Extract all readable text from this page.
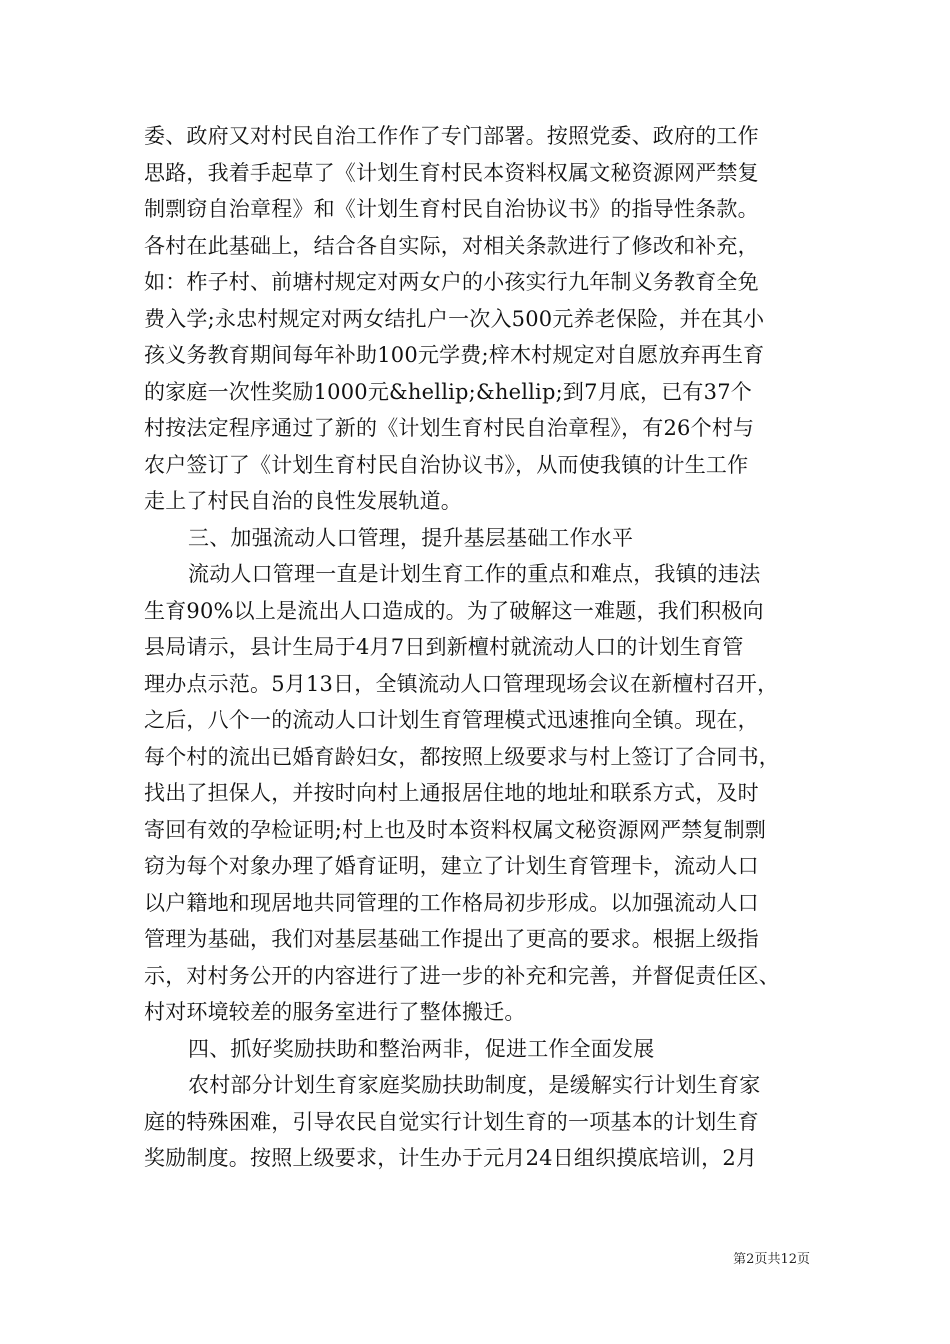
委、政府又对村民自治工作作了专门部署。按照党委、政府的工作
思路，我着手起草了《计划生育村民本资料权属文秘资源网严禁复
制剽窃自治章程》和《计划生育村民自治协议书》的指导性条款。
各村在此基础上，结合各自实际，对相关条款进行了修改和补充，
如：柞子村、前塘村规定对两女户的小孩实行九年制义务教育全免
费入学;永忠村规定对两女结扎户一次入500元养老保险，并在其小
孩义务教育期间每年补助100元学费;梓木村规定对自愿放弃再生育
的家庭一次性奖励1000元&hellip;&hellip;到7月底，已有37个
村按法定程序通过了新的《计划生育村民自治章程》，有26个村与
农户签订了《计划生育村民自治协议书》，从而使我镇的计生工作
走上了村民自治的良性发展轨道。
三、加强流动人口管理，提升基层基础工作水平
流动人口管理一直是计划生育工作的重点和难点，我镇的违法
生育90%以上是流出人口造成的。为了破解这一难题，我们积极向
县局请示，县计生局于4月7日到新檀村就流动人口的计划生育管
理办点示范。5月13日，全镇流动人口管理现场会议在新檀村召开，
之后，八个一的流动人口计划生育管理模式迅速推向全镇。现在，
每个村的流出已婚育龄妇女，都按照上级要求与村上签订了合同书，
找出了担保人，并按时向村上通报居住地的地址和联系方式，及时
寄回有效的孕检证明;村上也及时本资料权属文秘资源网严禁复制剽
窃为每个对象办理了婚育证明，建立了计划生育管理卡，流动人口
以户籍地和现居地共同管理的工作格局初步形成。以加强流动人口
管理为基础，我们对基层基础工作提出了更高的要求。根据上级指
示，对村务公开的内容进行了进一步的补充和完善，并督促责任区、
村对环境较差的服务室进行了整体搬迁。
四、抓好奖励扶助和整治两非，促进工作全面发展
农村部分计划生育家庭奖励扶助制度，是缓解实行计划生育家
庭的特殊困难，引导农民自觉实行计划生育的一项基本的计划生育
奖励制度。按照上级要求，计生办于元月24日组织摸底培训，2月
第2页共12页
